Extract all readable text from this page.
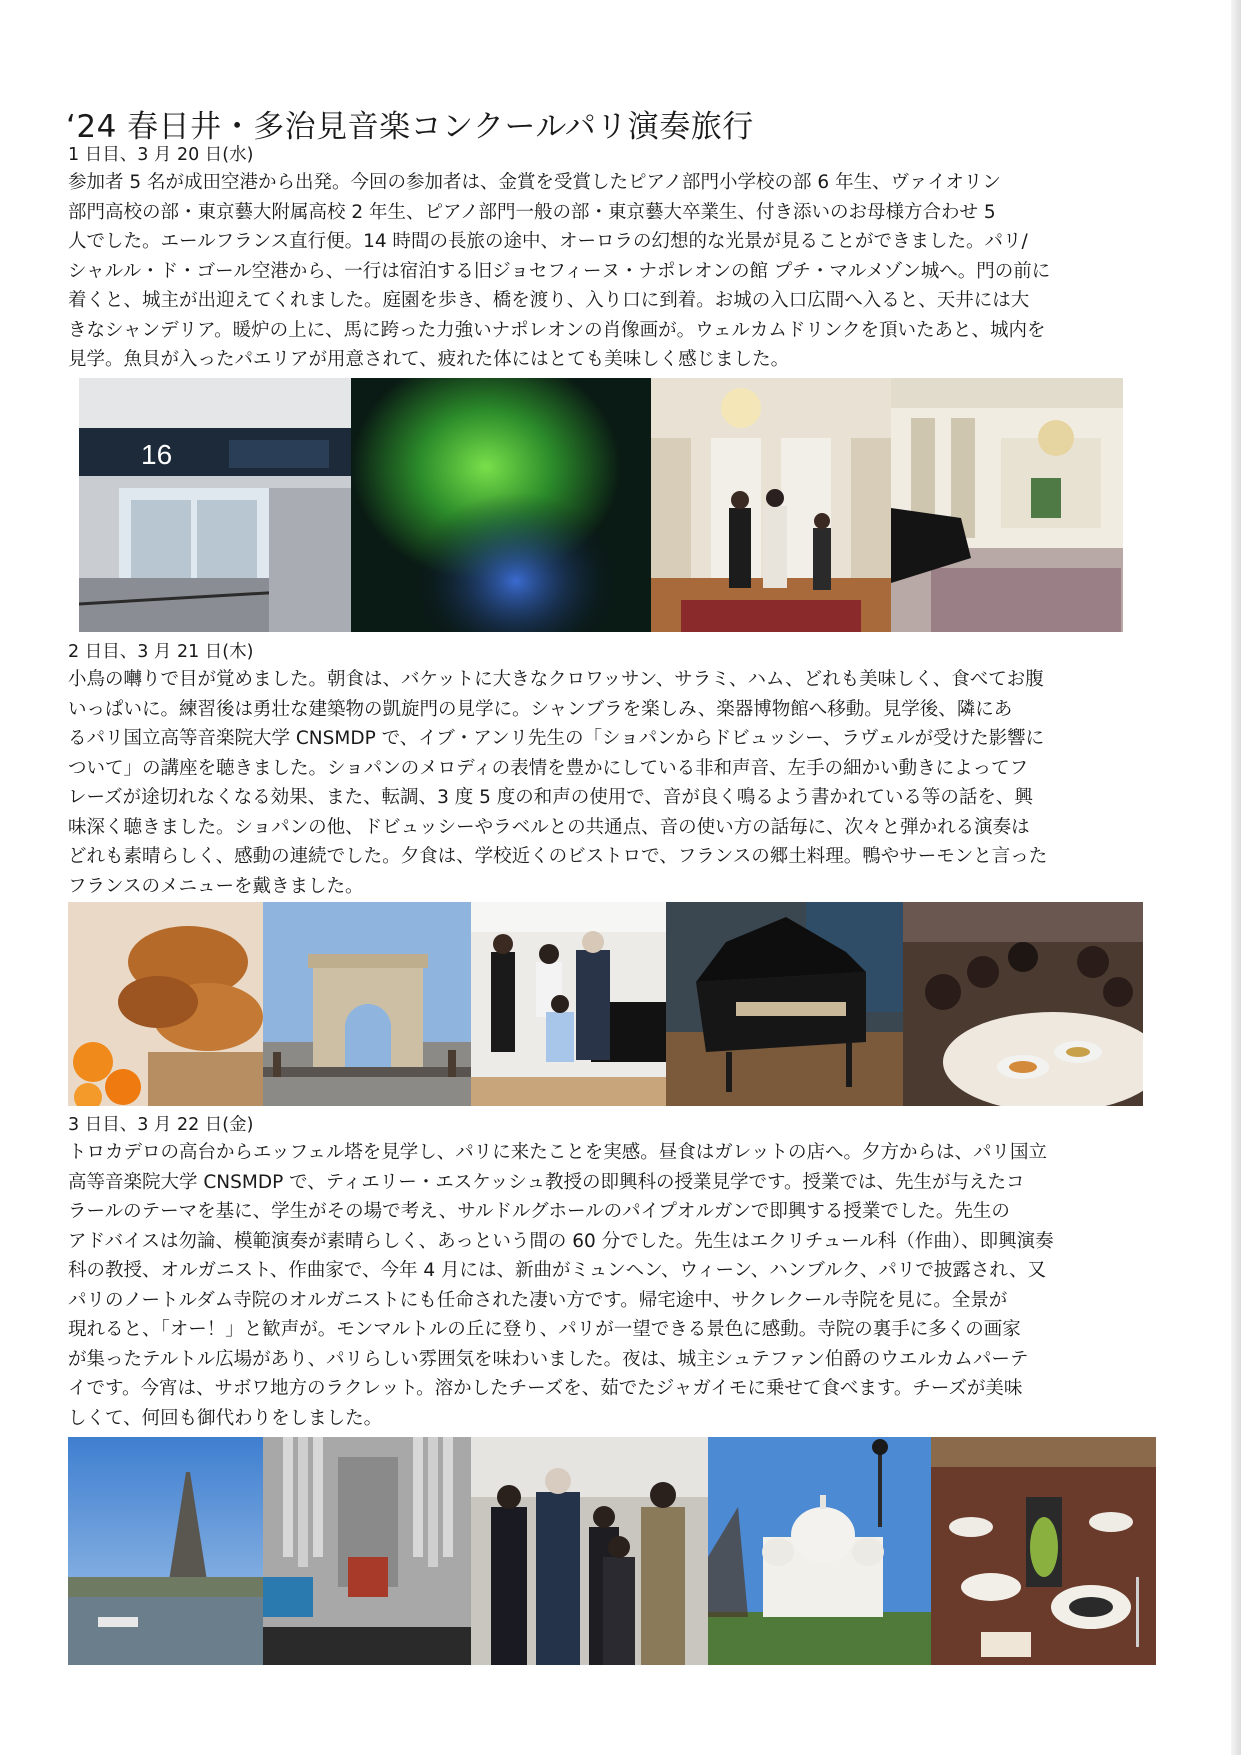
‘24 春日井・多治見音楽コンクールパリ演奏旅行
1 日目、3 月 20 日(水)

参加者 5 名が成田空港から出発。今回の参加者は、金賞を受賞したピアノ部門小学校の部 6 年生、ヴァイオリン
部門高校の部・東京藝大附属高校 2 年生、ピアノ部門一般の部・東京藝大卒業生、付き添いのお母様方合わせ 5
人でした。エールフランス直行便。14 時間の長旅の途中、オーロラの幻想的な光景が見ることができました。パリ/
シャルル・ド・ゴール空港から、一行は宿泊する旧ジョセフィーヌ・ナポレオンの館 プチ・マルメゾン城へ。門の前に
着くと、城主が出迎えてくれました。庭園を歩き、橋を渡り、入り口に到着。お城の入口広間へ入ると、天井には大
きなシャンデリア。暖炉の上に、馬に跨った力強いナポレオンの肖像画が。ウェルカムドリンクを頂いたあと、城内を
見学。魚貝が入ったパエリアが用意されて、疲れた体にはとても美味しく感じました。

16
2 日目、3 月 21 日(木)

小鳥の囀りで目が覚めました。朝食は、バケットに大きなクロワッサン、サラミ、ハム、どれも美味しく、食べてお腹
いっぱいに。練習後は勇壮な建築物の凱旋門の見学に。シャンブラを楽しみ、楽器博物館へ移動。見学後、隣にあ
るパリ国立高等音楽院大学 CNSMDP で、イブ・アンリ先生の「ショパンからドビュッシー、ラヴェルが受けた影響に
ついて」の講座を聴きました。ショパンのメロディの表情を豊かにしている非和声音、左手の細かい動きによってフ
レーズが途切れなくなる効果、また、転調、3 度 5 度の和声の使用で、音が良く鳴るよう書かれている等の話を、興
味深く聴きました。ショパンの他、ドビュッシーやラベルとの共通点、音の使い方の話毎に、次々と弾かれる演奏は
どれも素晴らしく、感動の連続でした。夕食は、学校近くのビストロで、フランスの郷土料理。鴨やサーモンと言った
フランスのメニューを戴きました。

3 日目、3 月 22 日(金)

トロカデロの高台からエッフェル塔を見学し、パリに来たことを実感。昼食はガレットの店へ。夕方からは、パリ国立
高等音楽院大学 CNSMDP で、ティエリー・エスケッシュ教授の即興科の授業見学です。授業では、先生が与えたコ
ラールのテーマを基に、学生がその場で考え、サルドルグホールのパイプオルガンで即興する授業でした。先生の
アドバイスは勿論、模範演奏が素晴らしく、あっという間の 60 分でした。先生はエクリチュール科（作曲）、即興演奏
科の教授、オルガニスト、作曲家で、今年 4 月には、新曲がミュンヘン、ウィーン、ハンブルク、パリで披露され、又
パリのノートルダム寺院のオルガニストにも任命された凄い方です。帰宅途中、サクレクール寺院を見に。全景が
現れると、「オー！」と歓声が。モンマルトルの丘に登り、パリが一望できる景色に感動。寺院の裏手に多くの画家
が集ったテルトル広場があり、パリらしい雰囲気を味わいました。夜は、城主シュテファン伯爵のウエルカムパーテ
イです。今宵は、サボワ地方のラクレット。溶かしたチーズを、茹でたジャガイモに乗せて食べます。チーズが美味
しくて、何回も御代わりをしました。
